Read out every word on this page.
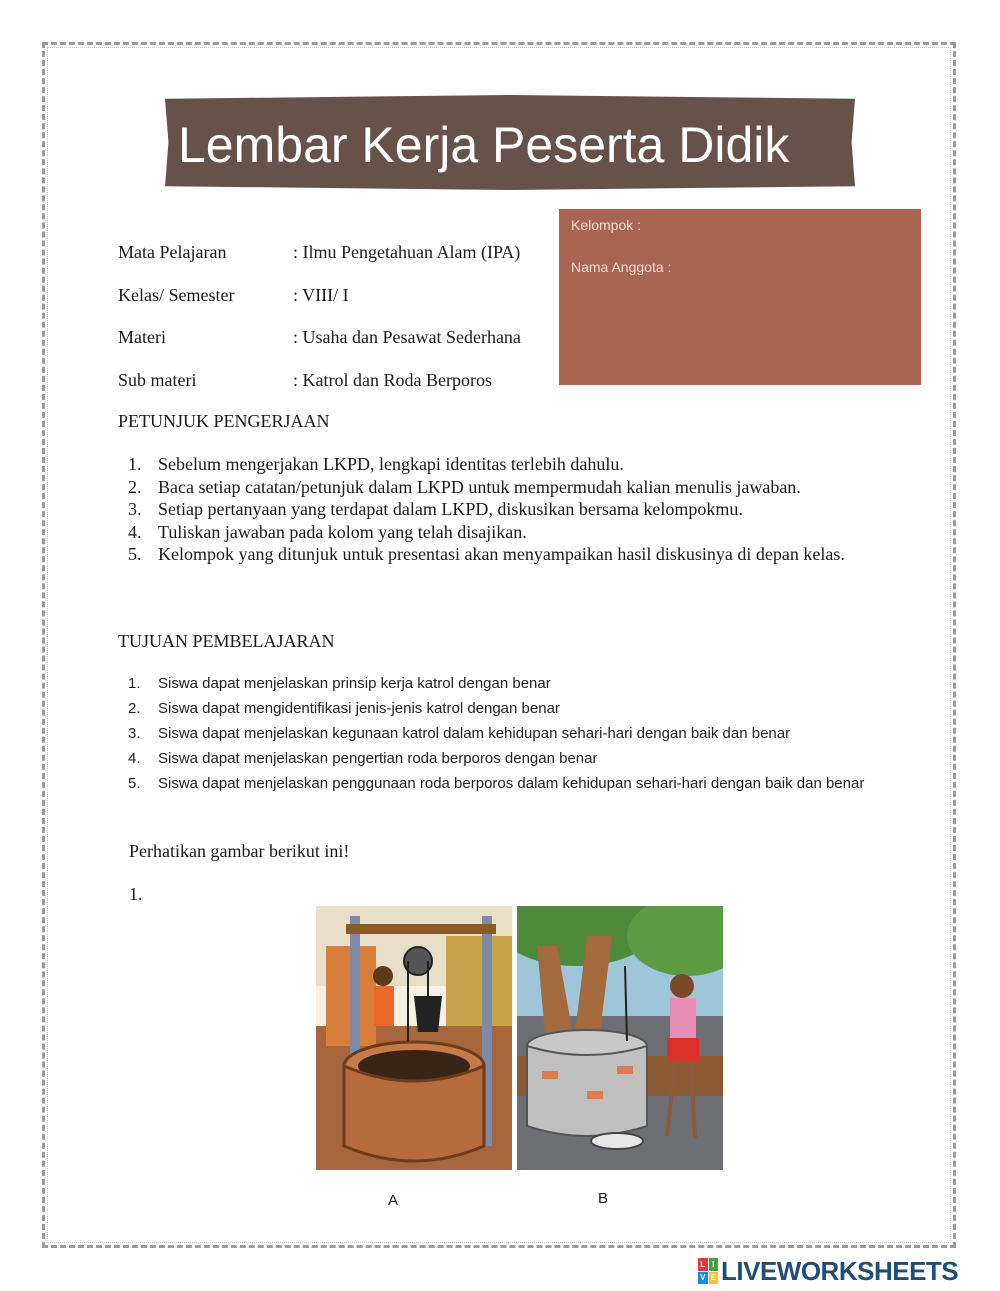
Lembar Kerja Peserta Didik
Kelompok :
Nama Anggota :
Mata Pelajaran	: Ilmu Pengetahuan Alam (IPA)
Kelas/ Semester	: VIII/ I
Materi	: Usaha dan Pesawat Sederhana
Sub materi	: Katrol dan Roda Berporos
PETUNJUK PENGERJAAN
1. Sebelum mengerjakan LKPD, lengkapi identitas terlebih dahulu.
2. Baca setiap catatan/petunjuk dalam LKPD untuk mempermudah kalian menulis jawaban.
3. Setiap pertanyaan yang terdapat dalam LKPD, diskusikan bersama kelompokmu.
4. Tuliskan jawaban pada kolom yang telah disajikan.
5. Kelompok yang ditunjuk untuk presentasi akan menyampaikan hasil diskusinya di depan kelas.
TUJUAN PEMBELAJARAN
1. Siswa dapat menjelaskan prinsip kerja katrol dengan benar
2. Siswa dapat mengidentifikasi jenis-jenis katrol dengan benar
3. Siswa dapat menjelaskan kegunaan katrol dalam kehidupan sehari-hari dengan baik dan benar
4. Siswa dapat menjelaskan pengertian roda berporos dengan benar
5. Siswa dapat menjelaskan penggunaan roda berporos dalam kehidupan sehari-hari dengan baik dan benar
Perhatikan gambar berikut ini!
1.
A	B
L I
V E LIVEWORKSHEETS
